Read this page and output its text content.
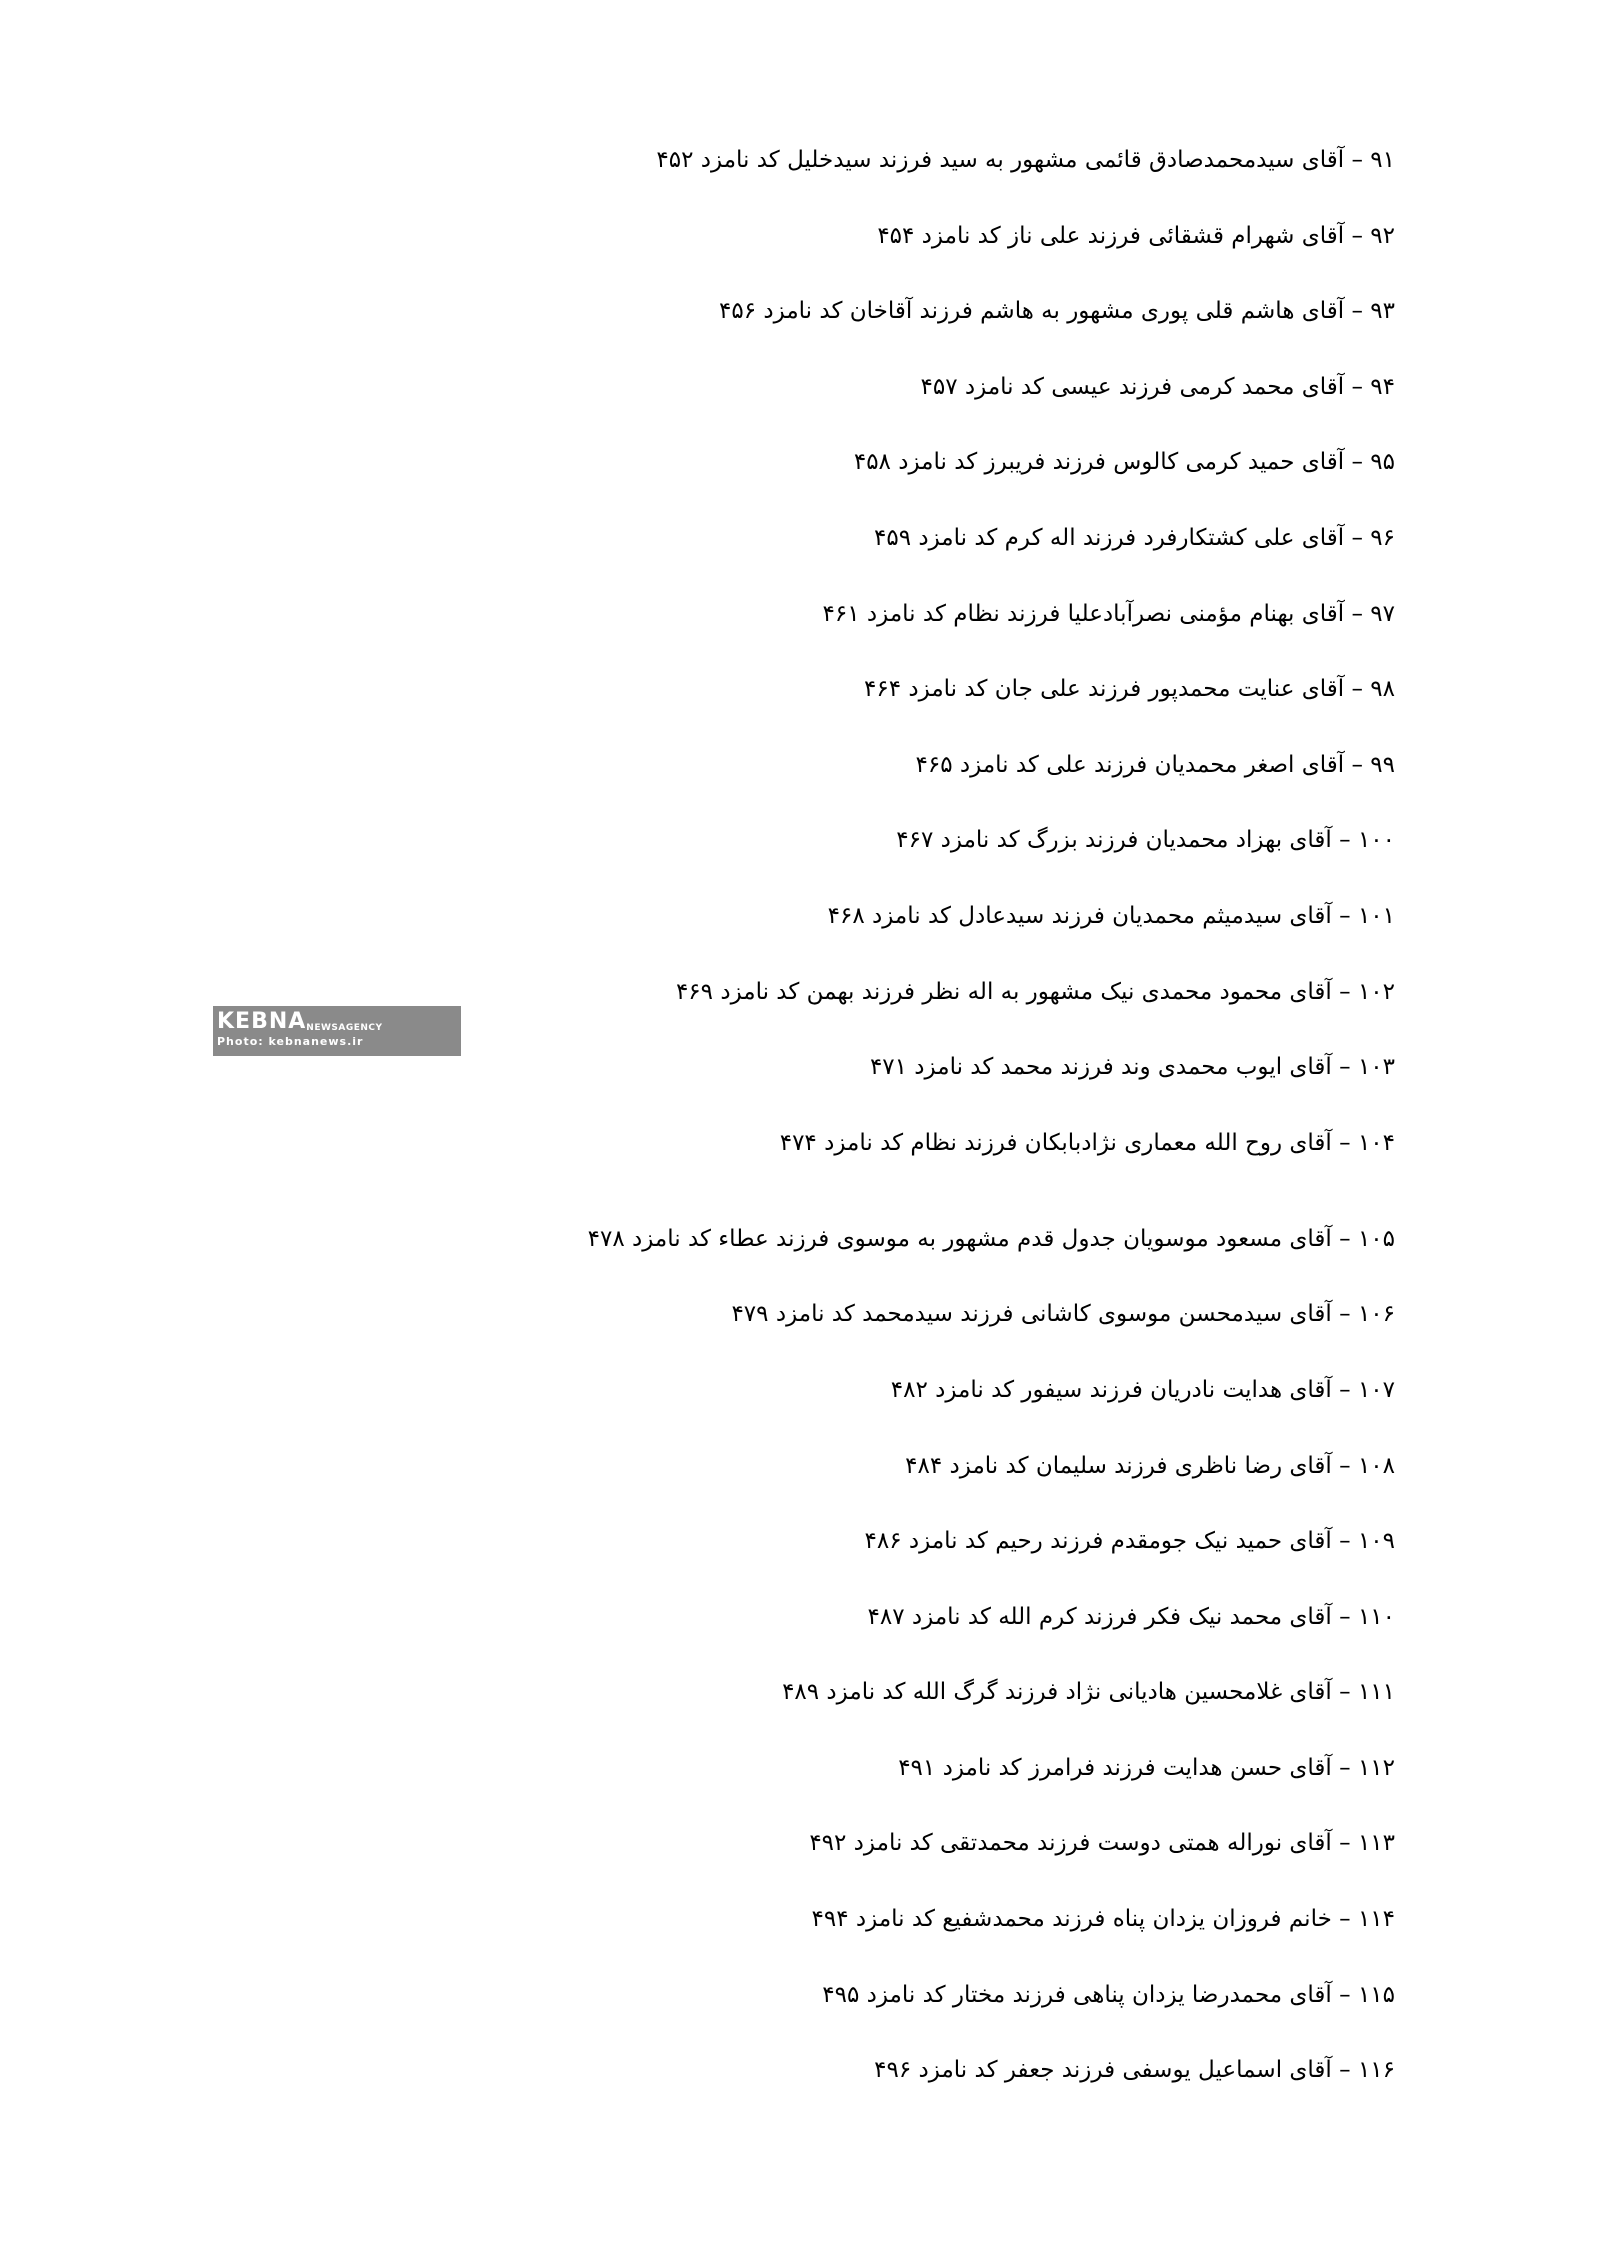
$KEBNA^{NEWSAGENCY}$
Photo: kebnanews.ir
۹۱ – آقای سیدمحمدصادق قائمی مشهور به سید فرزند سیدخلیل کد نامزد ۴۵۲
۹۲ – آقای شهرام قشقائی فرزند علی ناز کد نامزد ۴۵۴
۹۳ – آقای هاشم قلی پوری مشهور به هاشم فرزند آقاخان کد نامزد ۴۵۶
۹۴ – آقای محمد کرمی فرزند عیسی کد نامزد ۴۵۷
۹۵ – آقای حمید کرمی کالوس فرزند فریبرز کد نامزد ۴۵۸
۹۶ – آقای علی کشتکارفرد فرزند اله کرم کد نامزد ۴۵۹
۹۷ – آقای بهنام مؤمنی نصرآبادعلیا فرزند نظام کد نامزد ۴۶۱
۹۸ – آقای عنایت محمدپور فرزند علی جان کد نامزد ۴۶۴
۹۹ – آقای اصغر محمدیان فرزند علی کد نامزد ۴۶۵
۱۰۰ – آقای بهزاد محمدیان فرزند بزرگ کد نامزد ۴۶۷
۱۰۱ – آقای سیدمیثم محمدیان فرزند سیدعادل کد نامزد ۴۶۸
۱۰۲ – آقای محمود محمدی نیک مشهور به اله نظر فرزند بهمن کد نامزد ۴۶۹
۱۰۳ – آقای ایوب محمدی وند فرزند محمد کد نامزد ۴۷۱
۱۰۴ – آقای روح الله معماری نژادبابکان فرزند نظام کد نامزد ۴۷۴
۱۰۵ – آقای مسعود موسویان جدول قدم مشهور به موسوی فرزند عطاء کد نامزد ۴۷۸
۱۰۶ – آقای سیدمحسن موسوی کاشانی فرزند سیدمحمد کد نامزد ۴۷۹
۱۰۷ – آقای هدایت نادریان فرزند سیفور کد نامزد ۴۸۲
۱۰۸ – آقای رضا ناظری فرزند سلیمان کد نامزد ۴۸۴
۱۰۹ – آقای حمید نیک جومقدم فرزند رحیم کد نامزد ۴۸۶
۱۱۰ – آقای محمد نیک فکر فرزند کرم الله کد نامزد ۴۸۷
۱۱۱ – آقای غلامحسین هادیانی نژاد فرزند گرگ الله کد نامزد ۴۸۹
۱۱۲ – آقای حسن هدایت فرزند فرامرز کد نامزد ۴۹۱
۱۱۳ – آقای نوراله همتی دوست فرزند محمدتقی کد نامزد ۴۹۲
۱۱۴ – خانم فروزان یزدان پناه فرزند محمدشفیع کد نامزد ۴۹۴
۱۱۵ – آقای محمدرضا یزدان پناهی فرزند مختار کد نامزد ۴۹۵
۱۱۶ – آقای اسماعیل یوسفی فرزند جعفر کد نامزد ۴۹۶
